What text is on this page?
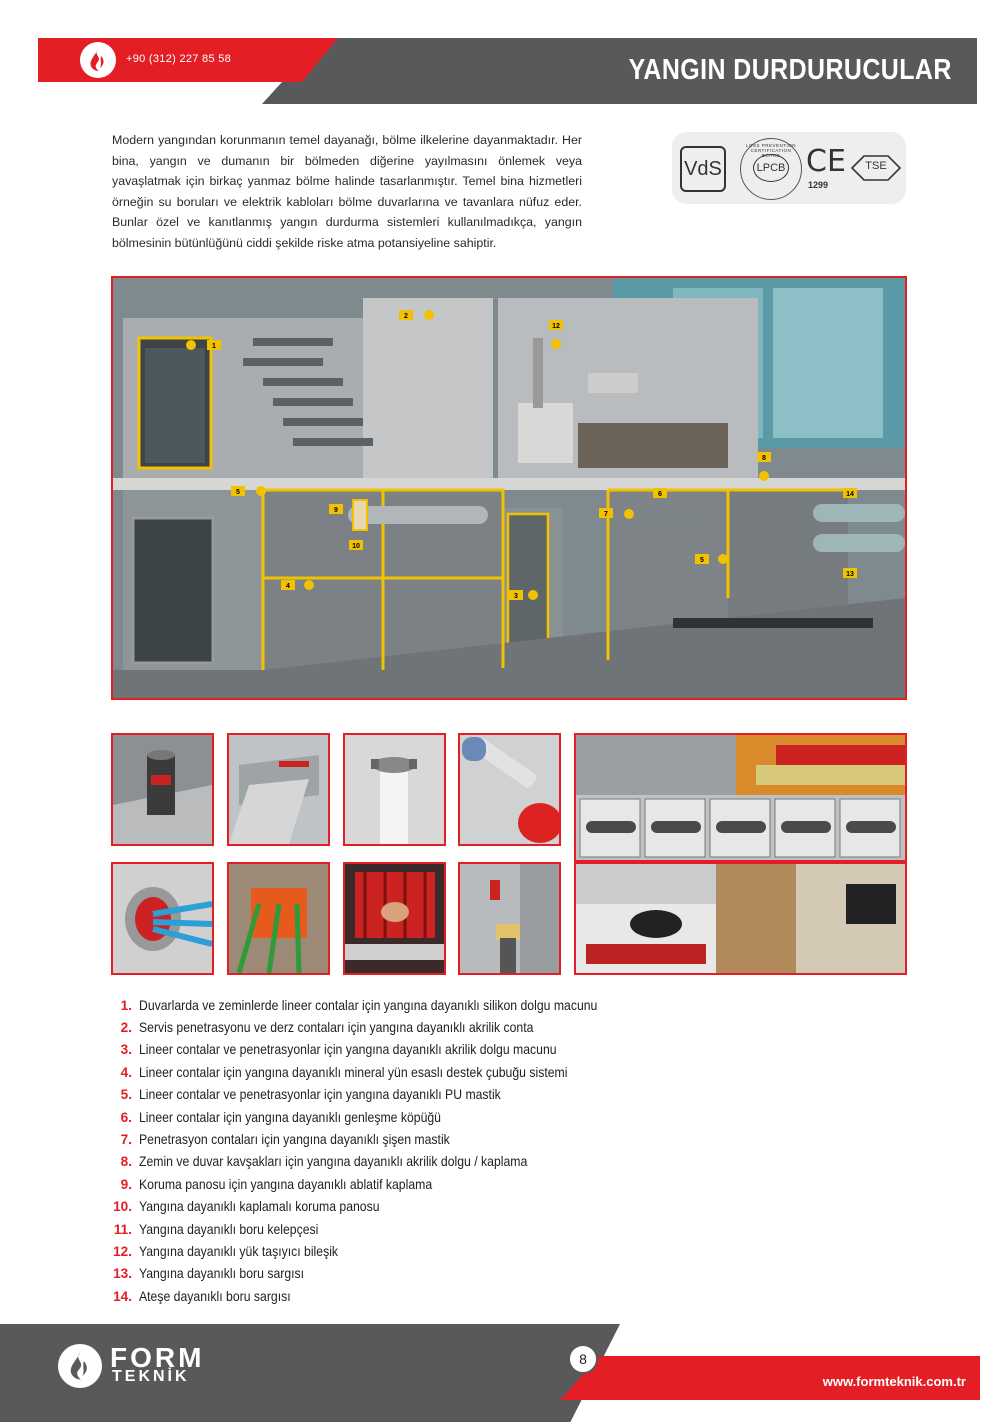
+90 (312) 227 85 58	YANGIN DURDURUCULAR
Modern yangından korunmanın temel dayanağı, bölme ilkelerine dayanmaktadır. Her bina, yangın ve dumanın bir bölmeden diğerine yayılmasını önlemek veya yavaşlatmak için birkaç yanmaz bölme halinde tasarlanmıştır. Temel bina hizmetleri örneğin su boruları ve elektrik kabloları bölme duvarlarına ve tavanlara nüfuz eder. Bunlar özel ve kanıtlanmış yangın durdurma sistemleri kullanılmadıkça, yangın bölmesinin bütünlüğünü ciddi şekilde riske atma potansiyeline sahiptir.
VdS
LOSS PREVENTION CERTIFICATION BOARD
LPCB CE
1299
TSE
1
2
3
4
5
5
6
7
8
9
10
12
13
14
1. Duvarlarda ve zeminlerde lineer contalar için yangına dayanıklı silikon dolgu macunu
2. Servis penetrasyonu ve derz contaları için yangına dayanıklı akrilik conta
3. Lineer contalar ve penetrasyonlar için yangına dayanıklı akrilik dolgu macunu
4. Lineer contalar için yangına dayanıklı mineral yün esaslı destek çubuğu sistemi
5. Lineer contalar ve penetrasyonlar için yangına dayanıklı PU mastik
6. Lineer contalar için yangına dayanıklı genleşme köpüğü
7. Penetrasyon contaları için yangına dayanıklı şişen mastik
8. Zemin ve duvar kavşakları için yangına dayanıklı akrilik dolgu / kaplama
9. Koruma panosu için yangına dayanıklı ablatif kaplama
10. Yangına dayanıklı kaplamalı koruma panosu
11. Yangına dayanıklı boru kelepçesi
12. Yangına dayanıklı yük taşıyıcı bileşik
13. Yangına dayanıklı boru sargısı
14. Ateşe dayanıklı boru sargısı
FORM
TEKNİK
8
www.formteknik.com.tr
